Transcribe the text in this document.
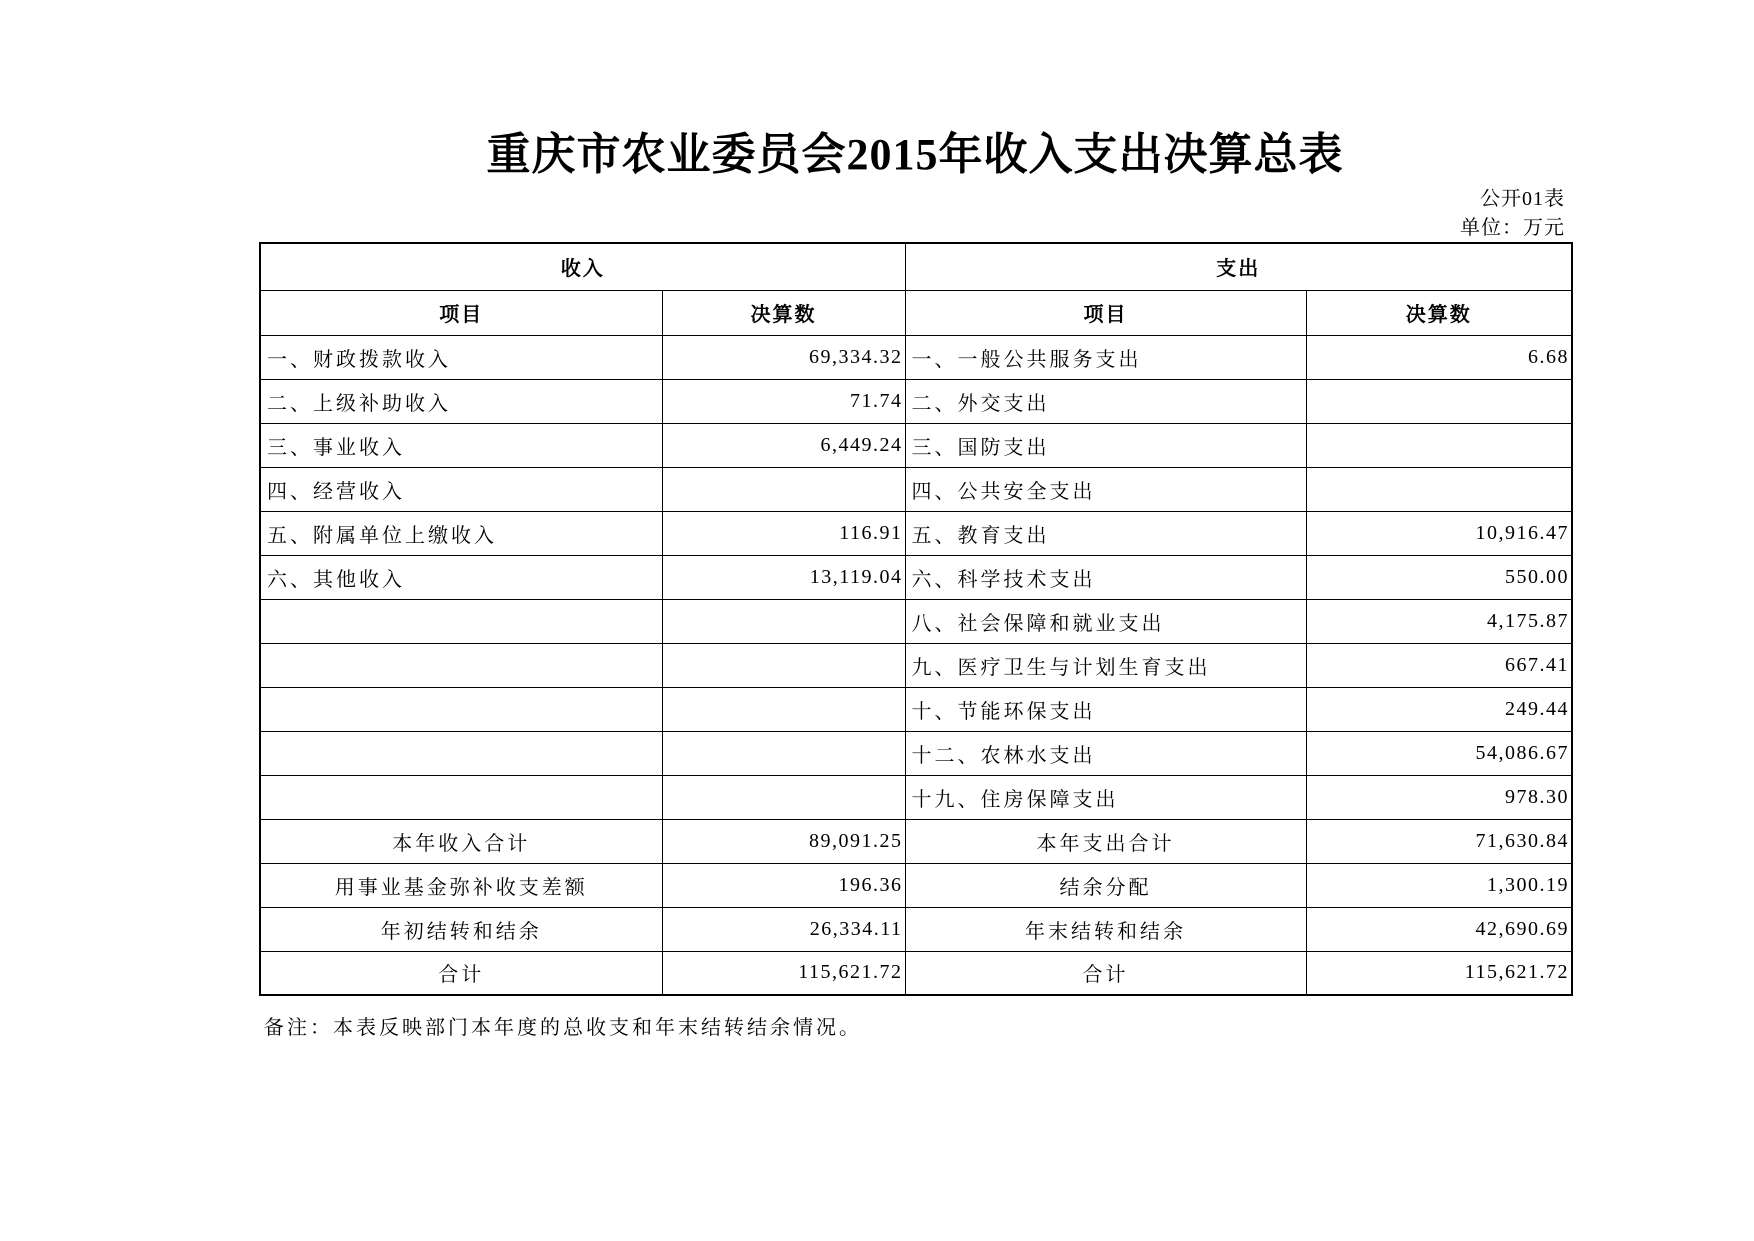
重庆市农业委员会2015年收入支出决算总表
公开01表
单位：万元
收入		支出	
项目	决算数	项目	决算数
一、财政拨款收入	69,334.32	一、一般公共服务支出	6.68
二、上级补助收入	71.74	二、外交支出	
三、事业收入	6,449.24	三、国防支出	
四、经营收入		四、公共安全支出	
五、附属单位上缴收入	116.91	五、教育支出	10,916.47
六、其他收入	13,119.04	六、科学技术支出	550.00
		八、社会保障和就业支出	4,175.87
		九、医疗卫生与计划生育支出	667.41
		十、节能环保支出	249.44
		十二、农林水支出	54,086.67
		十九、住房保障支出	978.30
本年收入合计	89,091.25	本年支出合计	71,630.84
用事业基金弥补收支差额	196.36	结余分配	1,300.19
年初结转和结余	26,334.11	年末结转和结余	42,690.69
合计	115,621.72	合计	115,621.72
备注：本表反映部门本年度的总收支和年末结转结余情况。
